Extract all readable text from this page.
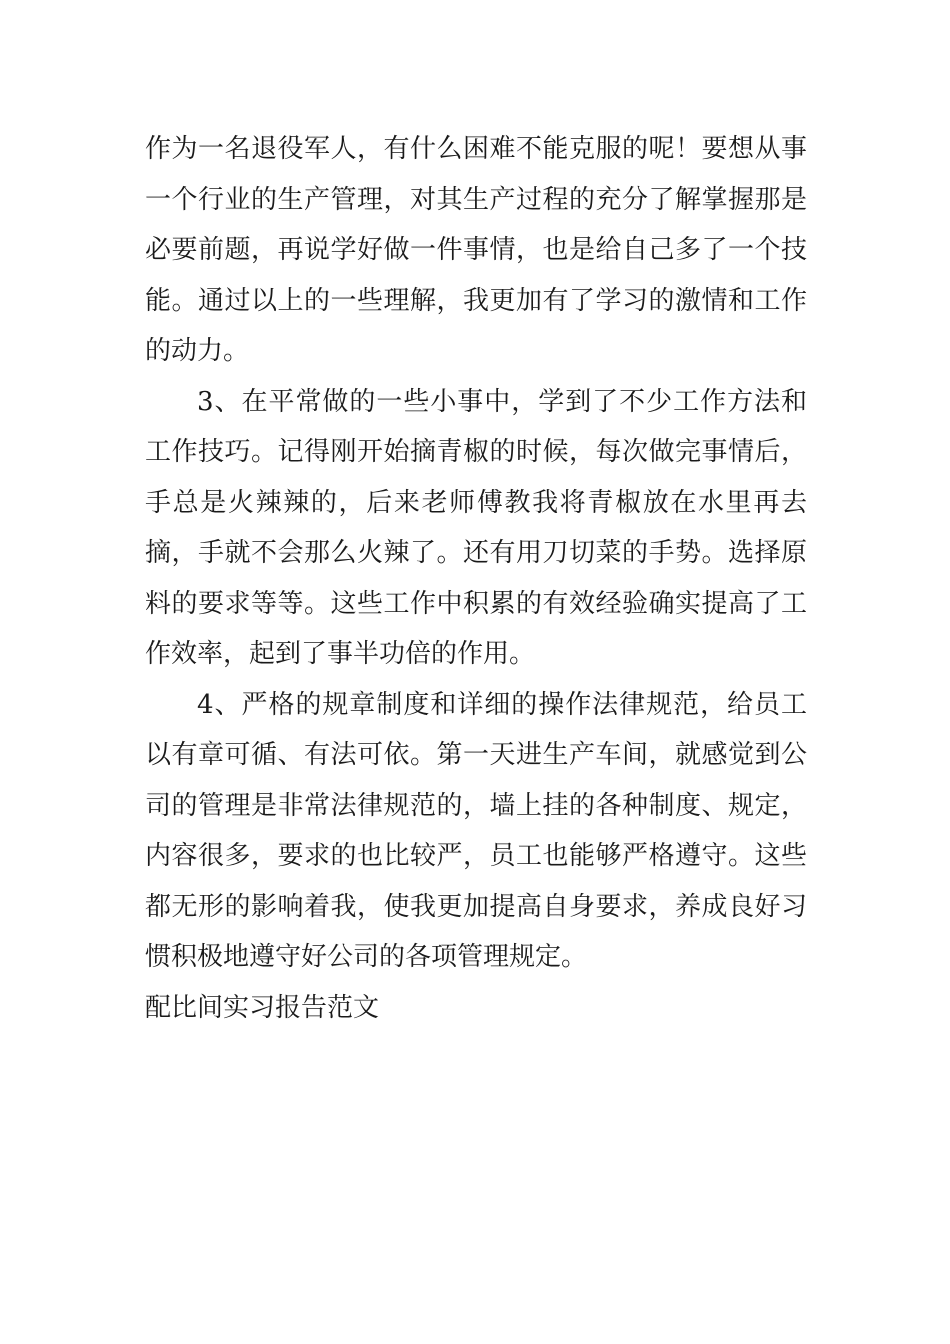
作为一名退役军人，有什么困难不能克服的呢！要想从事一个行业的生产管理，对其生产过程的充分了解掌握那是必要前题，再说学好做一件事情，也是给自己多了一个技能。通过以上的一些理解，我更加有了学习的激情和工作的动力。

3、在平常做的一些小事中，学到了不少工作方法和工作技巧。记得刚开始摘青椒的时候，每次做完事情后，手总是火辣辣的，后来老师傅教我将青椒放在水里再去摘，手就不会那么火辣了。还有用刀切菜的手势。选择原料的要求等等。这些工作中积累的有效经验确实提高了工作效率，起到了事半功倍的作用。

4、严格的规章制度和详细的操作法律规范，给员工以有章可循、有法可依。第一天进生产车间，就感觉到公司的管理是非常法律规范的，墙上挂的各种制度、规定，内容很多，要求的也比较严，员工也能够严格遵守。这些都无形的影响着我，使我更加提高自身要求，养成良好习惯积极地遵守好公司的各项管理规定。

配比间实习报告范文
